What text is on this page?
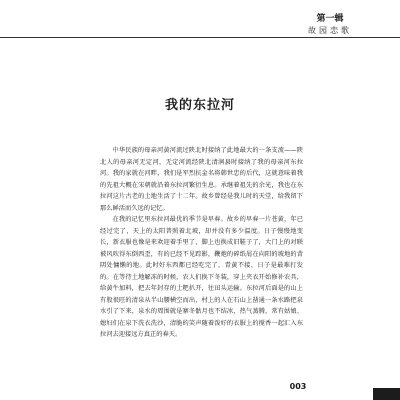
第一辑
故园恋歌
我的东拉河

中华民族的母亲河黄河流过陕北时接纳了此地最大的一条支流——陕北人的母亲河无定河，无定河流经陕北清涧县时接纳了我的母亲河东拉河。我的家就在河畔，我们是军烈抗金名将韩世忠的后代，这就意味着我的先祖大概在宋朝就沿着东拉河繁衍生息。承继着祖先的余光，我也在东拉河这片古老的土地生活了十二年。故乡曾经是我儿时的天堂，给我留下那么鲜活而久远的记忆。

在我的记忆里东拉河最优的季节是早春。故乡的早春一片苍黄，年已经过完了，天上的太阳普照着北坡，却并没有多少温度。日子慢慢地变长，新衣服也像是来欢迎着手里了，脚上也换成旧鞋子了，大门上的对联被风吹得东倒西歪，有的已经不见踪影，鞭炮的碎纸屑在向阳的坡地的背阴处慵懒的地。此时好东西都已经吃完了，青黄不接，日子是最难打发的。在等待土地解冻的时候，农人们换下冬装，穿上夹衣开始修补农具，给黄牛加料，把去年封存的土粑扒开，往田头运输。东拉河后面是的山上有股很旺的清泉从半山腰横空而出，村上的人在石山上凿通一条水路把泉水引了下来，泉水的周围就是寨冬骷月也不结冰，热气蒸腾，常有姑娘、媳妇们在泉下洗衣洗沙，清脆的笑声随着泼好的衣服上的搅香一起汇入东拉河去迎接远方真正的春天。

003
